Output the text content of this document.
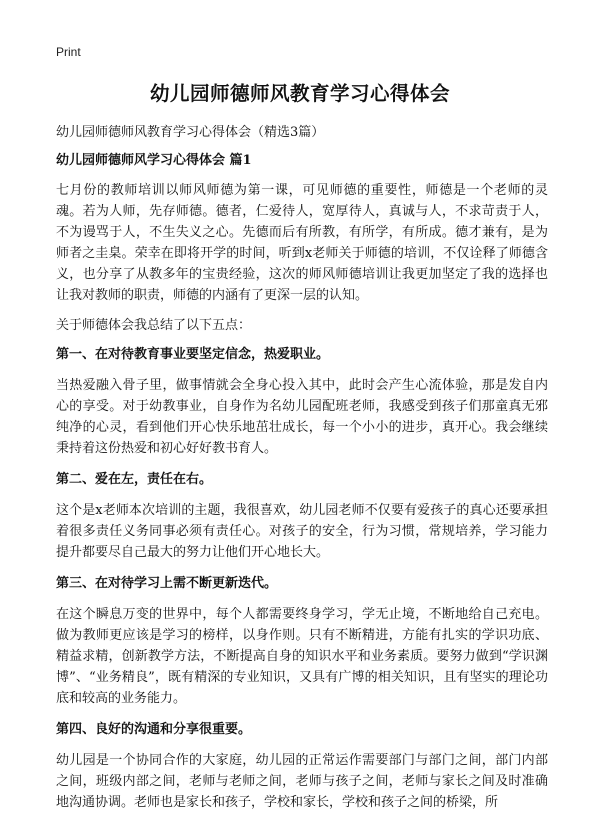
Print
幼儿园师德师风教育学习心得体会

幼儿园师德师风教育学习心得体会（精选3篇）

幼儿园师德师风学习心得体会 篇1

七月份的教师培训以师风师德为第一课，可见师德的重要性，师德是一个老师的灵魂。若为人师，先存师德。德者，仁爱待人，宽厚待人，真诚与人，不求苛责于人，不为谩骂于人，不生失义之心。先德而后有所教，有所学，有所成。德才兼有，是为师者之圭臬。荣幸在即将开学的时间，听到x老师关于师德的培训，不仅诠释了师德含义，也分享了从教多年的宝贵经验，这次的师风师德培训让我更加坚定了我的选择也让我对教师的职责，师德的内涵有了更深一层的认知。

关于师德体会我总结了以下五点：

第一、在对待教育事业要坚定信念，热爱职业。

当热爱融入骨子里，做事情就会全身心投入其中，此时会产生心流体验，那是发自内心的享受。对于幼教事业，自身作为名幼儿园配班老师，我感受到孩子们那童真无邪纯净的心灵，看到他们开心快乐地茁壮成长，每一个小小的进步，真开心。我会继续秉持着这份热爱和初心好好教书育人。

第二、爱在左，责任在右。

这个是x老师本次培训的主题，我很喜欢，幼儿园老师不仅要有爱孩子的真心还要承担着很多责任义务同事必须有责任心。对孩子的安全，行为习惯，常规培养，学习能力提升都要尽自己最大的努力让他们开心地长大。

第三、在对待学习上需不断更新迭代。

在这个瞬息万变的世界中，每个人都需要终身学习，学无止境，不断地给自己充电。做为教师更应该是学习的榜样，以身作则。只有不断精进，方能有扎实的学识功底、精益求精，创新教学方法，不断提高自身的知识水平和业务素质。要努力做到“学识渊博”、“业务精良”，既有精深的专业知识，又具有广博的相关知识，且有坚实的理论功底和较高的业务能力。

第四、良好的沟通和分享很重要。

幼儿园是一个协同合作的大家庭，幼儿园的正常运作需要部门与部门之间，部门内部之间，班级内部之间，老师与老师之间，老师与孩子之间，老师与家长之间及时准确地沟通协调。老师也是家长和孩子，学校和家长，学校和孩子之间的桥梁，所
